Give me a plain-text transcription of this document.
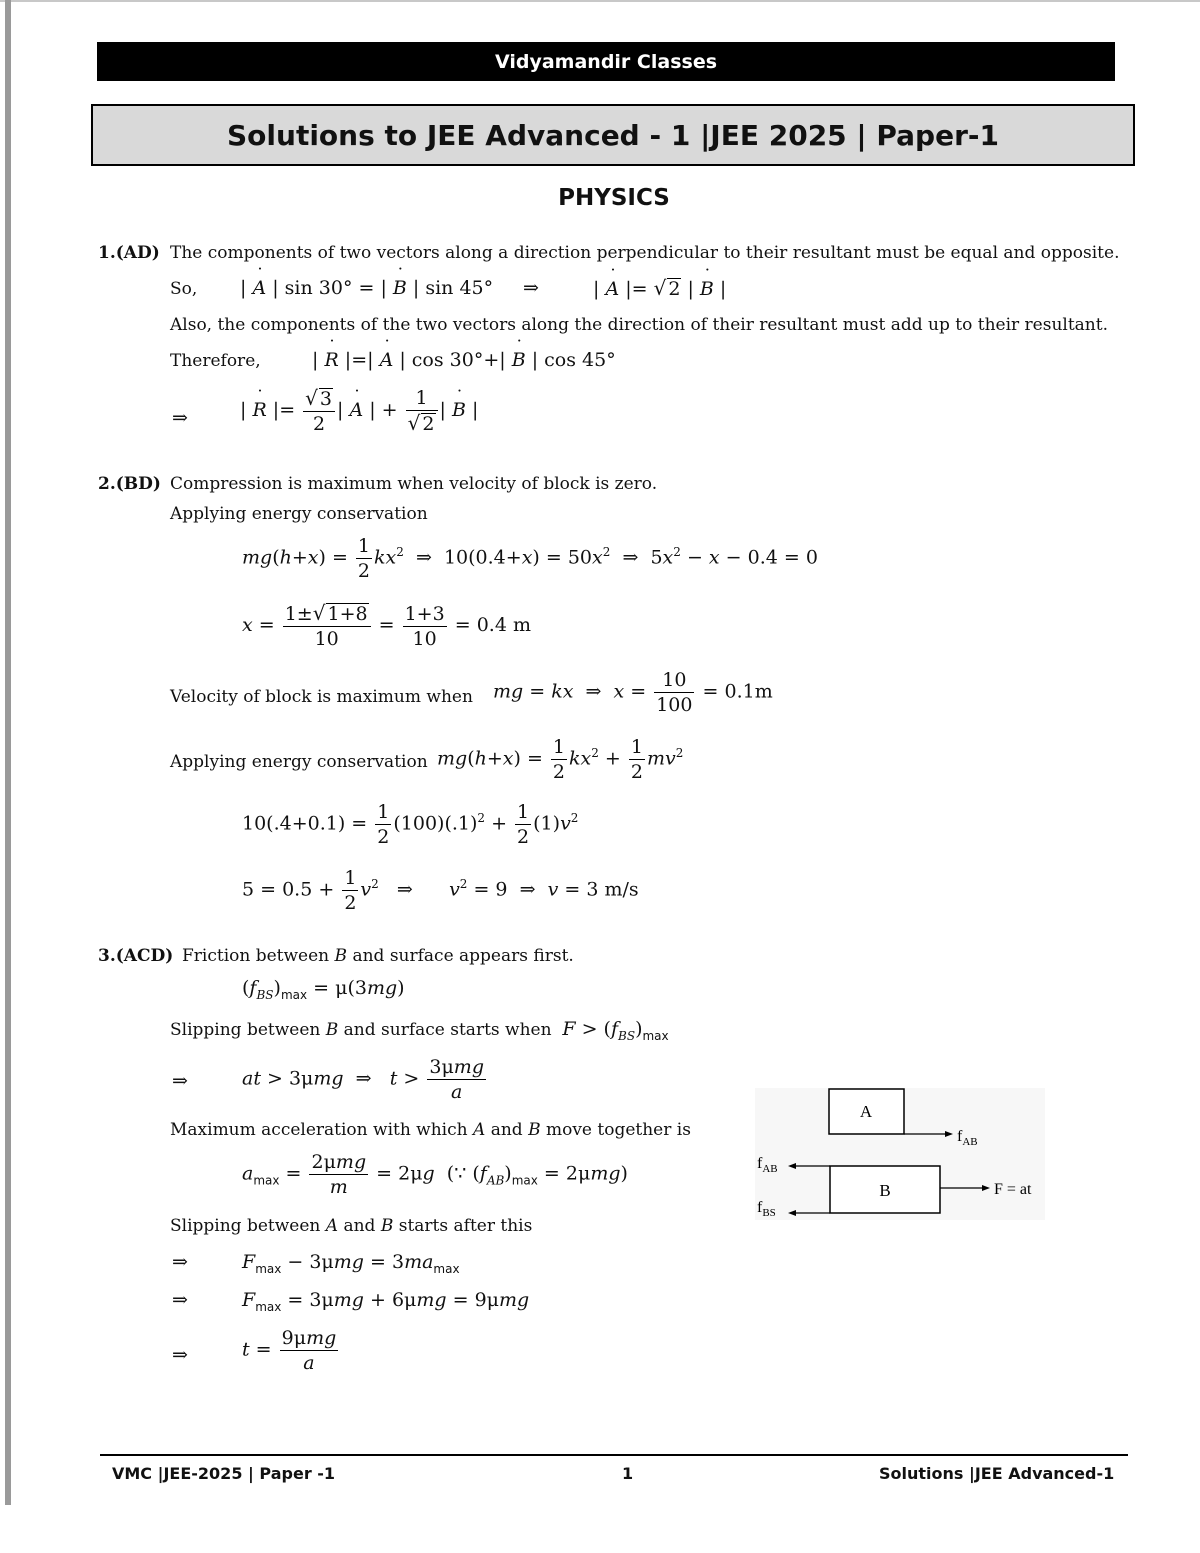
Vidyamandir Classes
Solutions to JEE Advanced - 1 |JEE 2025 | Paper-1
PHYSICS
1.(AD) The components of two vectors along a direction perpendicular to their resultant must be equal and opposite.
So, | ˙ A | sin 30° = | ˙ B | sin 45° ⇒	| ˙ A |= √ 2 | ˙ B |
Also, the components of the two vectors along the direction of their resultant must add up to their resultant.
Therefore,	| ˙ R |=| ˙ A | cos 30°+| ˙ B | cos 45°
⇒	| ˙ R |= $\frac{√ 3}{2}$ | ˙ A | + $\frac{1}{√ 2}$ | ˙ B |
2.(BD) Compression is maximum when velocity of block is zero.
Applying energy conservation
$mg(h+x) = \frac{1}{2} kx^2$  ⇒  $10(0.4+x) = 50x^2$  ⇒  $5x^2 - x - 0.4 = 0$
$x = \frac{1\pm√ 1+8}{10} = \frac{1+3}{10} = 0.4$ m
Velocity of block is maximum when mg = kx  ⇒  $x = \frac{10}{100} = 0.1m$
Applying energy conservation $mg(h+x) = \frac{1}{2} kx^2 + \frac{1}{2} mv^2$
$10(.4+0.1) = \frac{1}{2} (100)(.1)^2 + \frac{1}{2} (1)v^2$
$5 = 0.5 + \frac{1}{2} v^2$   ⇒      $v^2 = 9$  ⇒  v = 3 m/s
3.(ACD) Friction between B and surface appears first.
$(f_{BS})_{max} = \mu(3mg)$
Slipping between B and surface starts when $F > (f_{BS})_{max}$
⇒	at > 3μmg  ⇒   $t > \frac{\text{3μmg}}{a}$
Maximum acceleration with which A and B move together is
$a_{max} = \frac{\text{2μmg}}{m} = 2\mu g$  (∵ $(f_{AB})_{max} = 2\mu mg$)
Slipping between A and B starts after this
⇒	$F_{max} - 3\mu mg = 3ma_{max}$
⇒	$F_{max} = 3\mu mg + 6\mu mg = 9\mu mg$
⇒	$t = \frac{\text{9μmg}}{a}$
A
$f_{AB}$
B
$f_{AB}$
$f_{BS}$
F = at
VMC |JEE-2025 | Paper -1	1	Solutions |JEE Advanced-1
